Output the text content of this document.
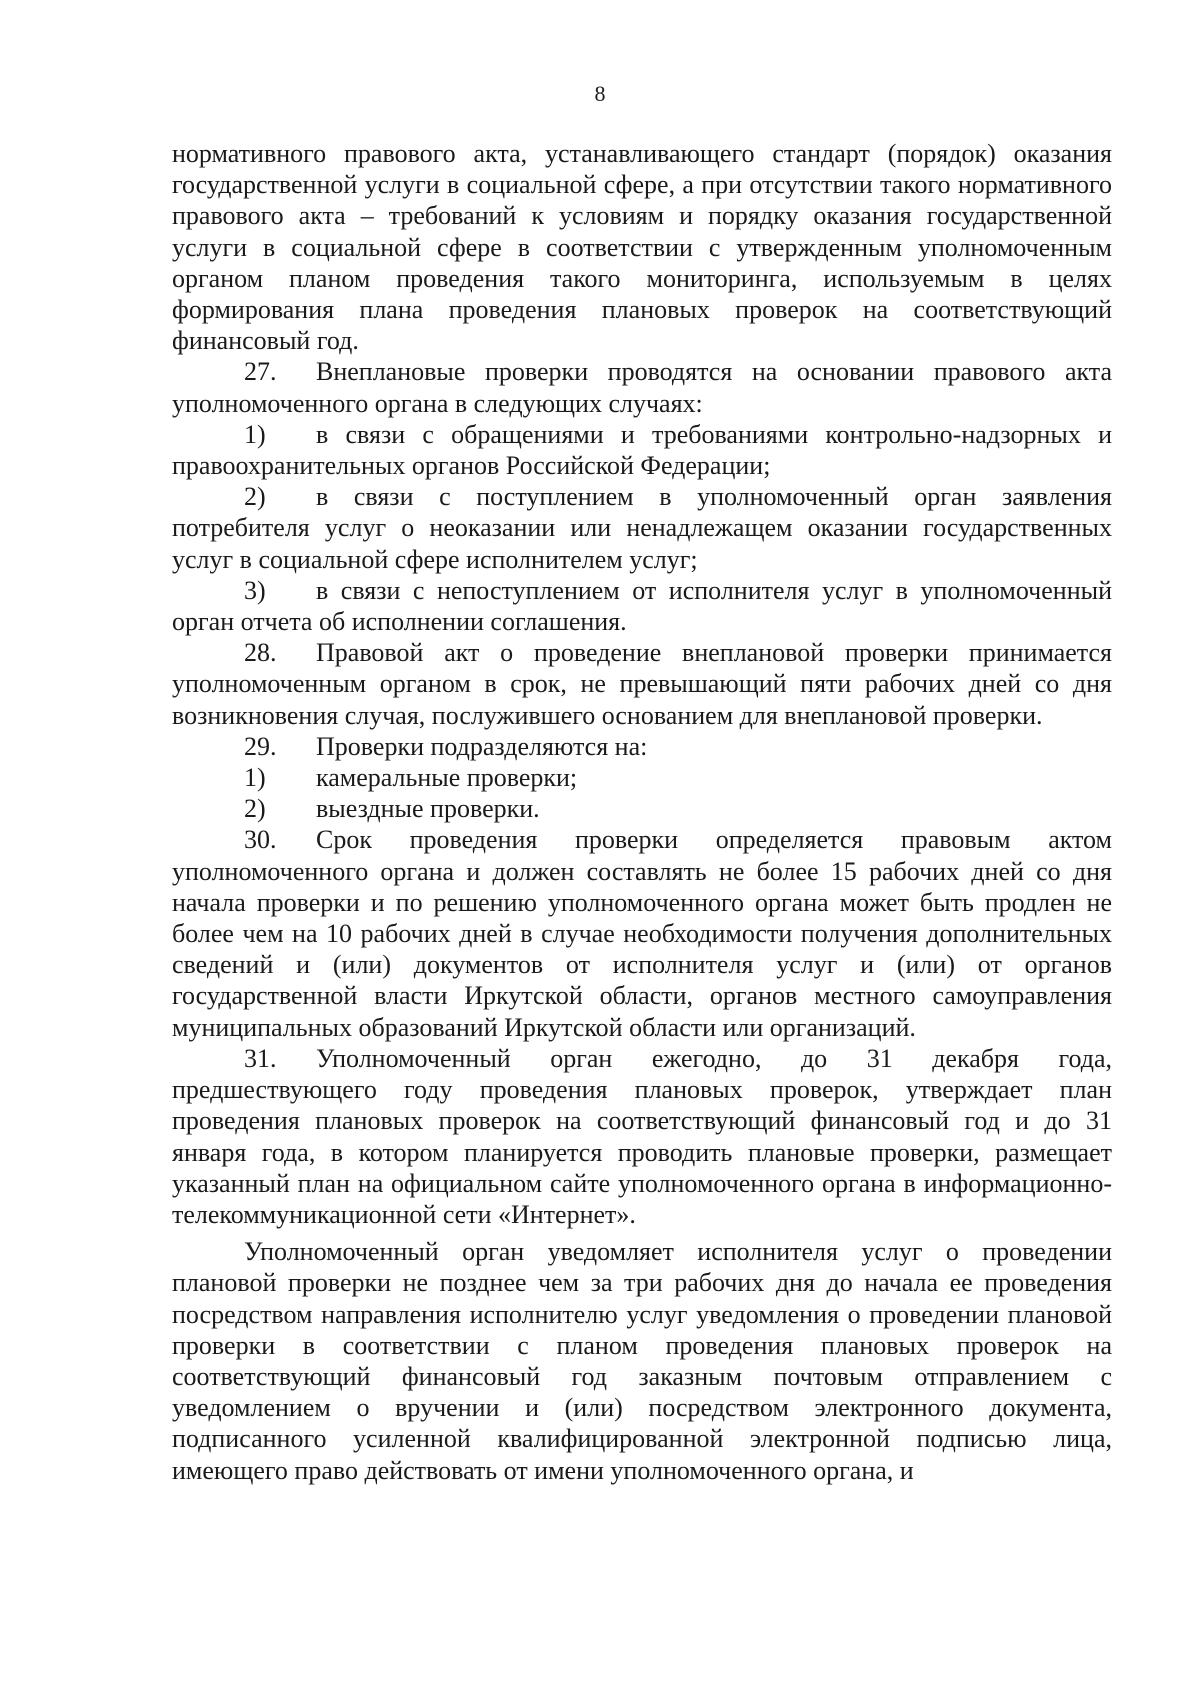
8

нормативного правового акта, устанавливающего стандарт (порядок) оказания государственной услуги в социальной сфере, а при отсутствии такого нормативного правового акта – требований к условиям и порядку оказания государственной услуги в социальной сфере в соответствии с утвержденным уполномоченным органом планом проведения такого мониторинга, используемым в целях формирования плана проведения плановых проверок на соответствующий финансовый год.

27. Внеплановые проверки проводятся на основании правового акта уполномоченного органа в следующих случаях:

1) в связи с обращениями и требованиями контрольно-надзорных и правоохранительных органов Российской Федерации;

2) в связи с поступлением в уполномоченный орган заявления потребителя услуг о неоказании или ненадлежащем оказании государственных услуг в социальной сфере исполнителем услуг;

3) в связи с непоступлением от исполнителя услуг в уполномоченный орган отчета об исполнении соглашения.

28. Правовой акт о проведение внеплановой проверки принимается уполномоченным органом в срок, не превышающий пяти рабочих дней со дня возникновения случая, послужившего основанием для внеплановой проверки.

29. Проверки подразделяются на:

1) камеральные проверки;

2) выездные проверки.

30. Срок проведения проверки определяется правовым актом уполномоченного органа и должен составлять не более 15 рабочих дней со дня начала проверки и по решению уполномоченного органа может быть продлен не более чем на 10 рабочих дней в случае необходимости получения дополнительных сведений и (или) документов от исполнителя услуг и (или) от органов государственной власти Иркутской области, органов местного самоуправления муниципальных образований Иркутской области или организаций.

31. Уполномоченный орган ежегодно, до 31 декабря года, предшествующего году проведения плановых проверок, утверждает план проведения плановых проверок на соответствующий финансовый год и до 31 января года, в котором планируется проводить плановые проверки, размещает указанный план на официальном сайте уполномоченного органа в информационно-телекоммуникационной сети «Интернет».

Уполномоченный орган уведомляет исполнителя услуг о проведении плановой проверки не позднее чем за три рабочих дня до начала ее проведения посредством направления исполнителю услуг уведомления о проведении плановой проверки в соответствии с планом проведения плановых проверок на соответствующий финансовый год заказным почтовым отправлением с уведомлением о вручении и (или) посредством электронного документа, подписанного усиленной квалифицированной электронной подписью лица, имеющего право действовать от имени уполномоченного органа, и
